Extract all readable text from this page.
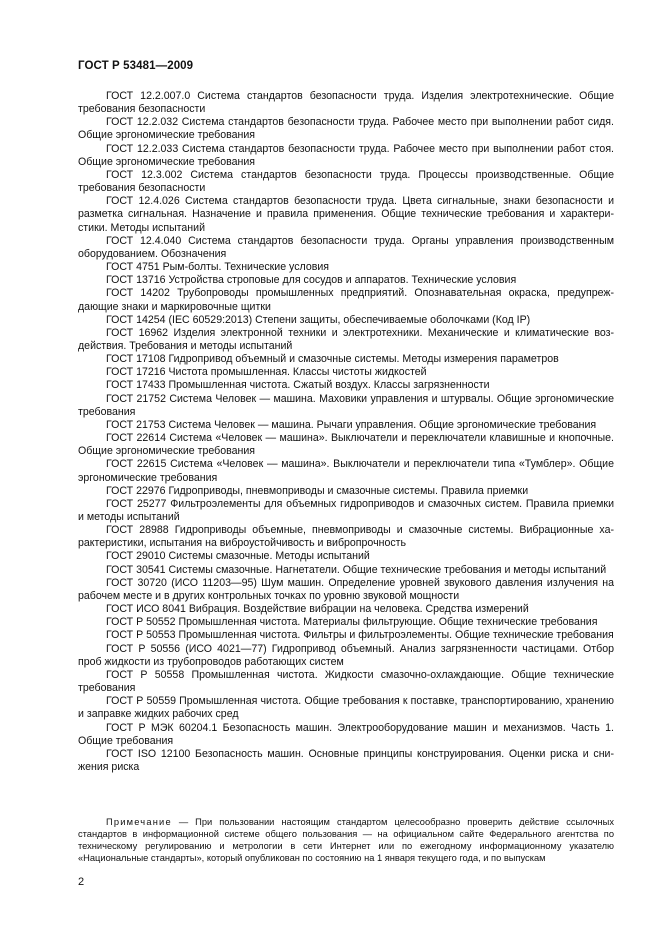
ГОСТ Р 53481—2009

ГОСТ 12.2.007.0 Система стандартов безопасности труда. Изделия электротехнические. Общие требования безопасности

ГОСТ 12.2.032 Система стандартов безопасности труда. Рабочее место при выполнении работ сидя. Общие эргономические требования

ГОСТ 12.2.033 Система стандартов безопасности труда. Рабочее место при выполнении работ стоя. Общие эргономические требования

ГОСТ 12.3.002 Система стандартов безопасности труда. Процессы производственные. Общие требования безопасности

ГОСТ 12.4.026 Система стандартов безопасности труда. Цвета сигнальные, знаки безопасности и разметка сигнальная. Назначение и правила применения. Общие технические требования и характеристики. Методы испытаний

ГОСТ 12.4.040 Система стандартов безопасности труда. Органы управления производственным оборудованием. Обозначения

ГОСТ 4751 Рым-болты. Технические условия

ГОСТ 13716 Устройства строповые для сосудов и аппаратов. Технические условия

ГОСТ 14202 Трубопроводы промышленных предприятий. Опознавательная окраска, предупреждающие знаки и маркировочные щитки

ГОСТ 14254 (IEC 60529:2013) Степени защиты, обеспечиваемые оболочками (Код IP)

ГОСТ 16962 Изделия электронной техники и электротехники. Механические и климатические воздействия. Требования и методы испытаний

ГОСТ 17108 Гидропривод объемный и смазочные системы. Методы измерения параметров

ГОСТ 17216 Чистота промышленная. Классы чистоты жидкостей

ГОСТ 17433 Промышленная чистота. Сжатый воздух. Классы загрязненности

ГОСТ 21752 Система Человек — машина. Маховики управления и штурвалы. Общие эргономические требования

ГОСТ 21753 Система Человек — машина. Рычаги управления. Общие эргономические требования

ГОСТ 22614 Система «Человек — машина». Выключатели и переключатели клавишные и кнопочные. Общие эргономические требования

ГОСТ 22615 Система «Человек — машина». Выключатели и переключатели типа «Тумблер». Общие эргономические требования

ГОСТ 22976 Гидроприводы, пневмоприводы и смазочные системы. Правила приемки

ГОСТ 25277 Фильтроэлементы для объемных гидроприводов и смазочных систем. Правила приемки и методы испытаний

ГОСТ 28988 Гидроприводы объемные, пневмоприводы и смазочные системы. Вибрационные характеристики, испытания на виброустойчивость и вибропрочность

ГОСТ 29010 Системы смазочные. Методы испытаний

ГОСТ 30541 Системы смазочные. Нагнетатели. Общие технические требования и методы испытаний

ГОСТ 30720 (ИСО 11203—95) Шум машин. Определение уровней звукового давления излучения на рабочем месте и в других контрольных точках по уровню звуковой мощности

ГОСТ ИСО 8041 Вибрация. Воздействие вибрации на человека. Средства измерений

ГОСТ Р 50552 Промышленная чистота. Материалы фильтрующие. Общие технические требования

ГОСТ Р 50553 Промышленная чистота. Фильтры и фильтроэлементы. Общие технические требования

ГОСТ Р 50556 (ИСО 4021—77) Гидропривод объемный. Анализ загрязненности частицами. Отбор проб жидкости из трубопроводов работающих систем

ГОСТ Р 50558 Промышленная чистота. Жидкости смазочно-охлаждающие. Общие технические требования

ГОСТ Р 50559 Промышленная чистота. Общие требования к поставке, транспортированию, хранению и заправке жидких рабочих сред

ГОСТ Р МЭК 60204.1 Безопасность машин. Электрооборудование машин и механизмов. Часть 1. Общие требования

ГОСТ ISO 12100 Безопасность машин. Основные принципы конструирования. Оценки риска и снижения риска

Примечание — При пользовании настоящим стандартом целесообразно проверить действие ссылочных стандартов в информационной системе общего пользования — на официальном сайте Федерального агентства по техническому регулированию и метрологии в сети Интернет или по ежегодному информационному указателю «Национальные стандарты», который опубликован по состоянию на 1 января текущего года, и по выпускам
2
